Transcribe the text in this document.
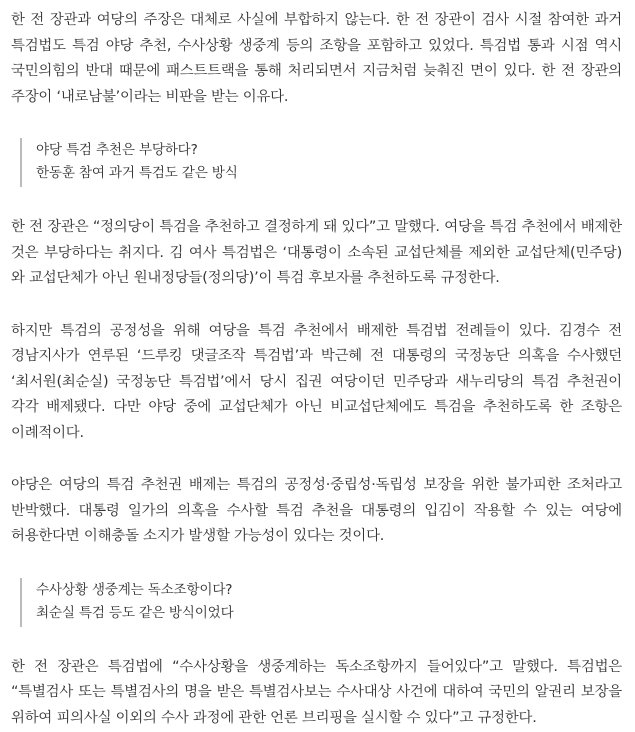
한 전 장관과 여당의 주장은 대체로 사실에 부합하지 않는다. 한 전 장관이 검사 시절 참여한 과거 특검법도 특검 야당 추천, 수사상황 생중계 등의 조항을 포함하고 있었다. 특검법 통과 시점 역시 국민의힘의 반대 때문에 패스트트랙을 통해 처리되면서 지금처럼 늦춰진 면이 있다. 한 전 장관의 주장이 ‘내로남불’이라는 비판을 받는 이유다.

야당 특검 추천은 부당하다?
한동훈 참여 과거 특검도 같은 방식

한 전 장관은 “정의당이 특검을 추천하고 결정하게 돼 있다”고 말했다. 여당을 특검 추천에서 배제한 것은 부당하다는 취지다. 김 여사 특검법은 ‘대통령이 소속된 교섭단체를 제외한 교섭단체(민주당)와 교섭단체가 아닌 원내정당들(정의당)’이 특검 후보자를 추천하도록 규정한다.

하지만 특검의 공정성을 위해 여당을 특검 추천에서 배제한 특검법 전례들이 있다. 김경수 전 경남지사가 연루된 ‘드루킹 댓글조작 특검법’과 박근혜 전 대통령의 국정농단 의혹을 수사했던 ‘최서원(최순실) 국정농단 특검법’에서 당시 집권 여당이던 민주당과 새누리당의 특검 추천권이 각각 배제됐다. 다만 야당 중에 교섭단체가 아닌 비교섭단체에도 특검을 추천하도록 한 조항은 이례적이다.

야당은 여당의 특검 추천권 배제는 특검의 공정성·중립성·독립성 보장을 위한 불가피한 조처라고 반박했다. 대통령 일가의 의혹을 수사할 특검 추천을 대통령의 입김이 작용할 수 있는 여당에 허용한다면 이해충돌 소지가 발생할 가능성이 있다는 것이다.

수사상황 생중계는 독소조항이다?
최순실 특검 등도 같은 방식이었다

한 전 장관은 특검법에 “수사상황을 생중계하는 독소조항까지 들어있다”고 말했다. 특검법은 “특별검사 또는 특별검사의 명을 받은 특별검사보는 수사대상 사건에 대하여 국민의 알권리 보장을 위하여 피의사실 이외의 수사 과정에 관한 언론 브리핑을 실시할 수 있다”고 규정한다.
